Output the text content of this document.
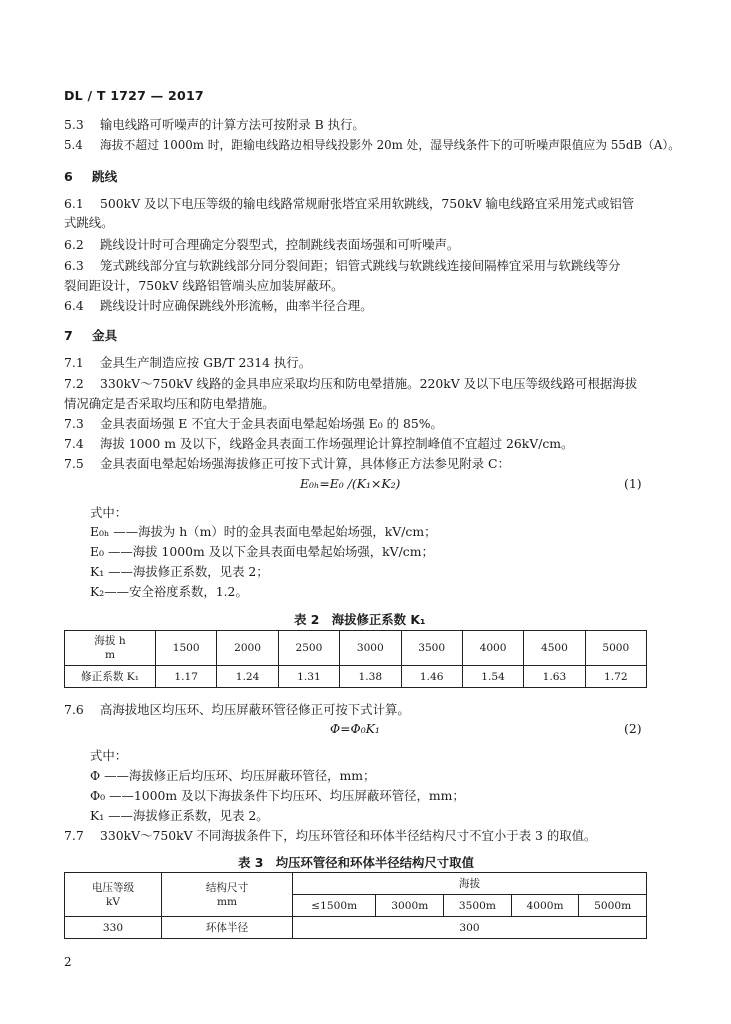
DL / T 1727 — 2017
5.3 输电线路可听噪声的计算方法可按附录 B 执行。
5.4 海拔不超过 1000m 时，距输电线路边相导线投影外 20m 处，湿导线条件下的可听噪声限值应为 55dB（A）。
6 跳线
6.1 500kV 及以下电压等级的输电线路常规耐张塔宜采用软跳线，750kV 输电线路宜采用笼式或铝管
式跳线。
6.2 跳线设计时可合理确定分裂型式，控制跳线表面场强和可听噪声。
6.3 笼式跳线部分宜与软跳线部分同分裂间距；铝管式跳线与软跳线连接间隔棒宜采用与软跳线等分
裂间距设计，750kV 线路铝管端头应加装屏蔽环。
6.4 跳线设计时应确保跳线外形流畅，曲率半径合理。
7 金具
7.1 金具生产制造应按 GB/T 2314 执行。
7.2 330kV～750kV 线路的金具串应采取均压和防电晕措施。220kV 及以下电压等级线路可根据海拔
情况确定是否采取均压和防电晕措施。
7.3 金具表面场强 E 不宜大于金具表面电晕起始场强 E₀ 的 85%。
7.4 海拔 1000 m 及以下，线路金具表面工作场强理论计算控制峰值不宜超过 26kV/cm。
7.5 金具表面电晕起始场强海拔修正可按下式计算，具体修正方法参见附录 C：
E₀ₕ=E₀ /(K₁×K₂)	(1)
式中：
E₀ₕ ——海拔为 h（m）时的金具表面电晕起始场强，kV/cm；
E₀ ——海拔 1000m 及以下金具表面电晕起始场强，kV/cm；
K₁ ——海拔修正系数，见表 2；
K₂——安全裕度系数，1.2。
表 2　海拔修正系数 K₁
海拔 h
m	1500	2000	2500	3000	3500	4000	4500	5000
修正系数 K₁	1.17	1.24	1.31	1.38	1.46	1.54	1.63	1.72
7.6 高海拔地区均压环、均压屏蔽环管径修正可按下式计算。
Φ=Φ₀K₁	(2)
式中：
Φ ——海拔修正后均压环、均压屏蔽环管径，mm；
Φ₀ ——1000m 及以下海拔条件下均压环、均压屏蔽环管径，mm；
K₁ ——海拔修正系数，见表 2。
7.7 330kV～750kV 不同海拔条件下，均压环管径和环体半径结构尺寸不宜小于表 3 的取值。
表 3　均压环管径和环体半径结构尺寸取值
电压等级
kV	结构尺寸
mm	海拔				
		≤1500m	3000m	3500m	4000m	5000m
330	环体半径	300				
2
